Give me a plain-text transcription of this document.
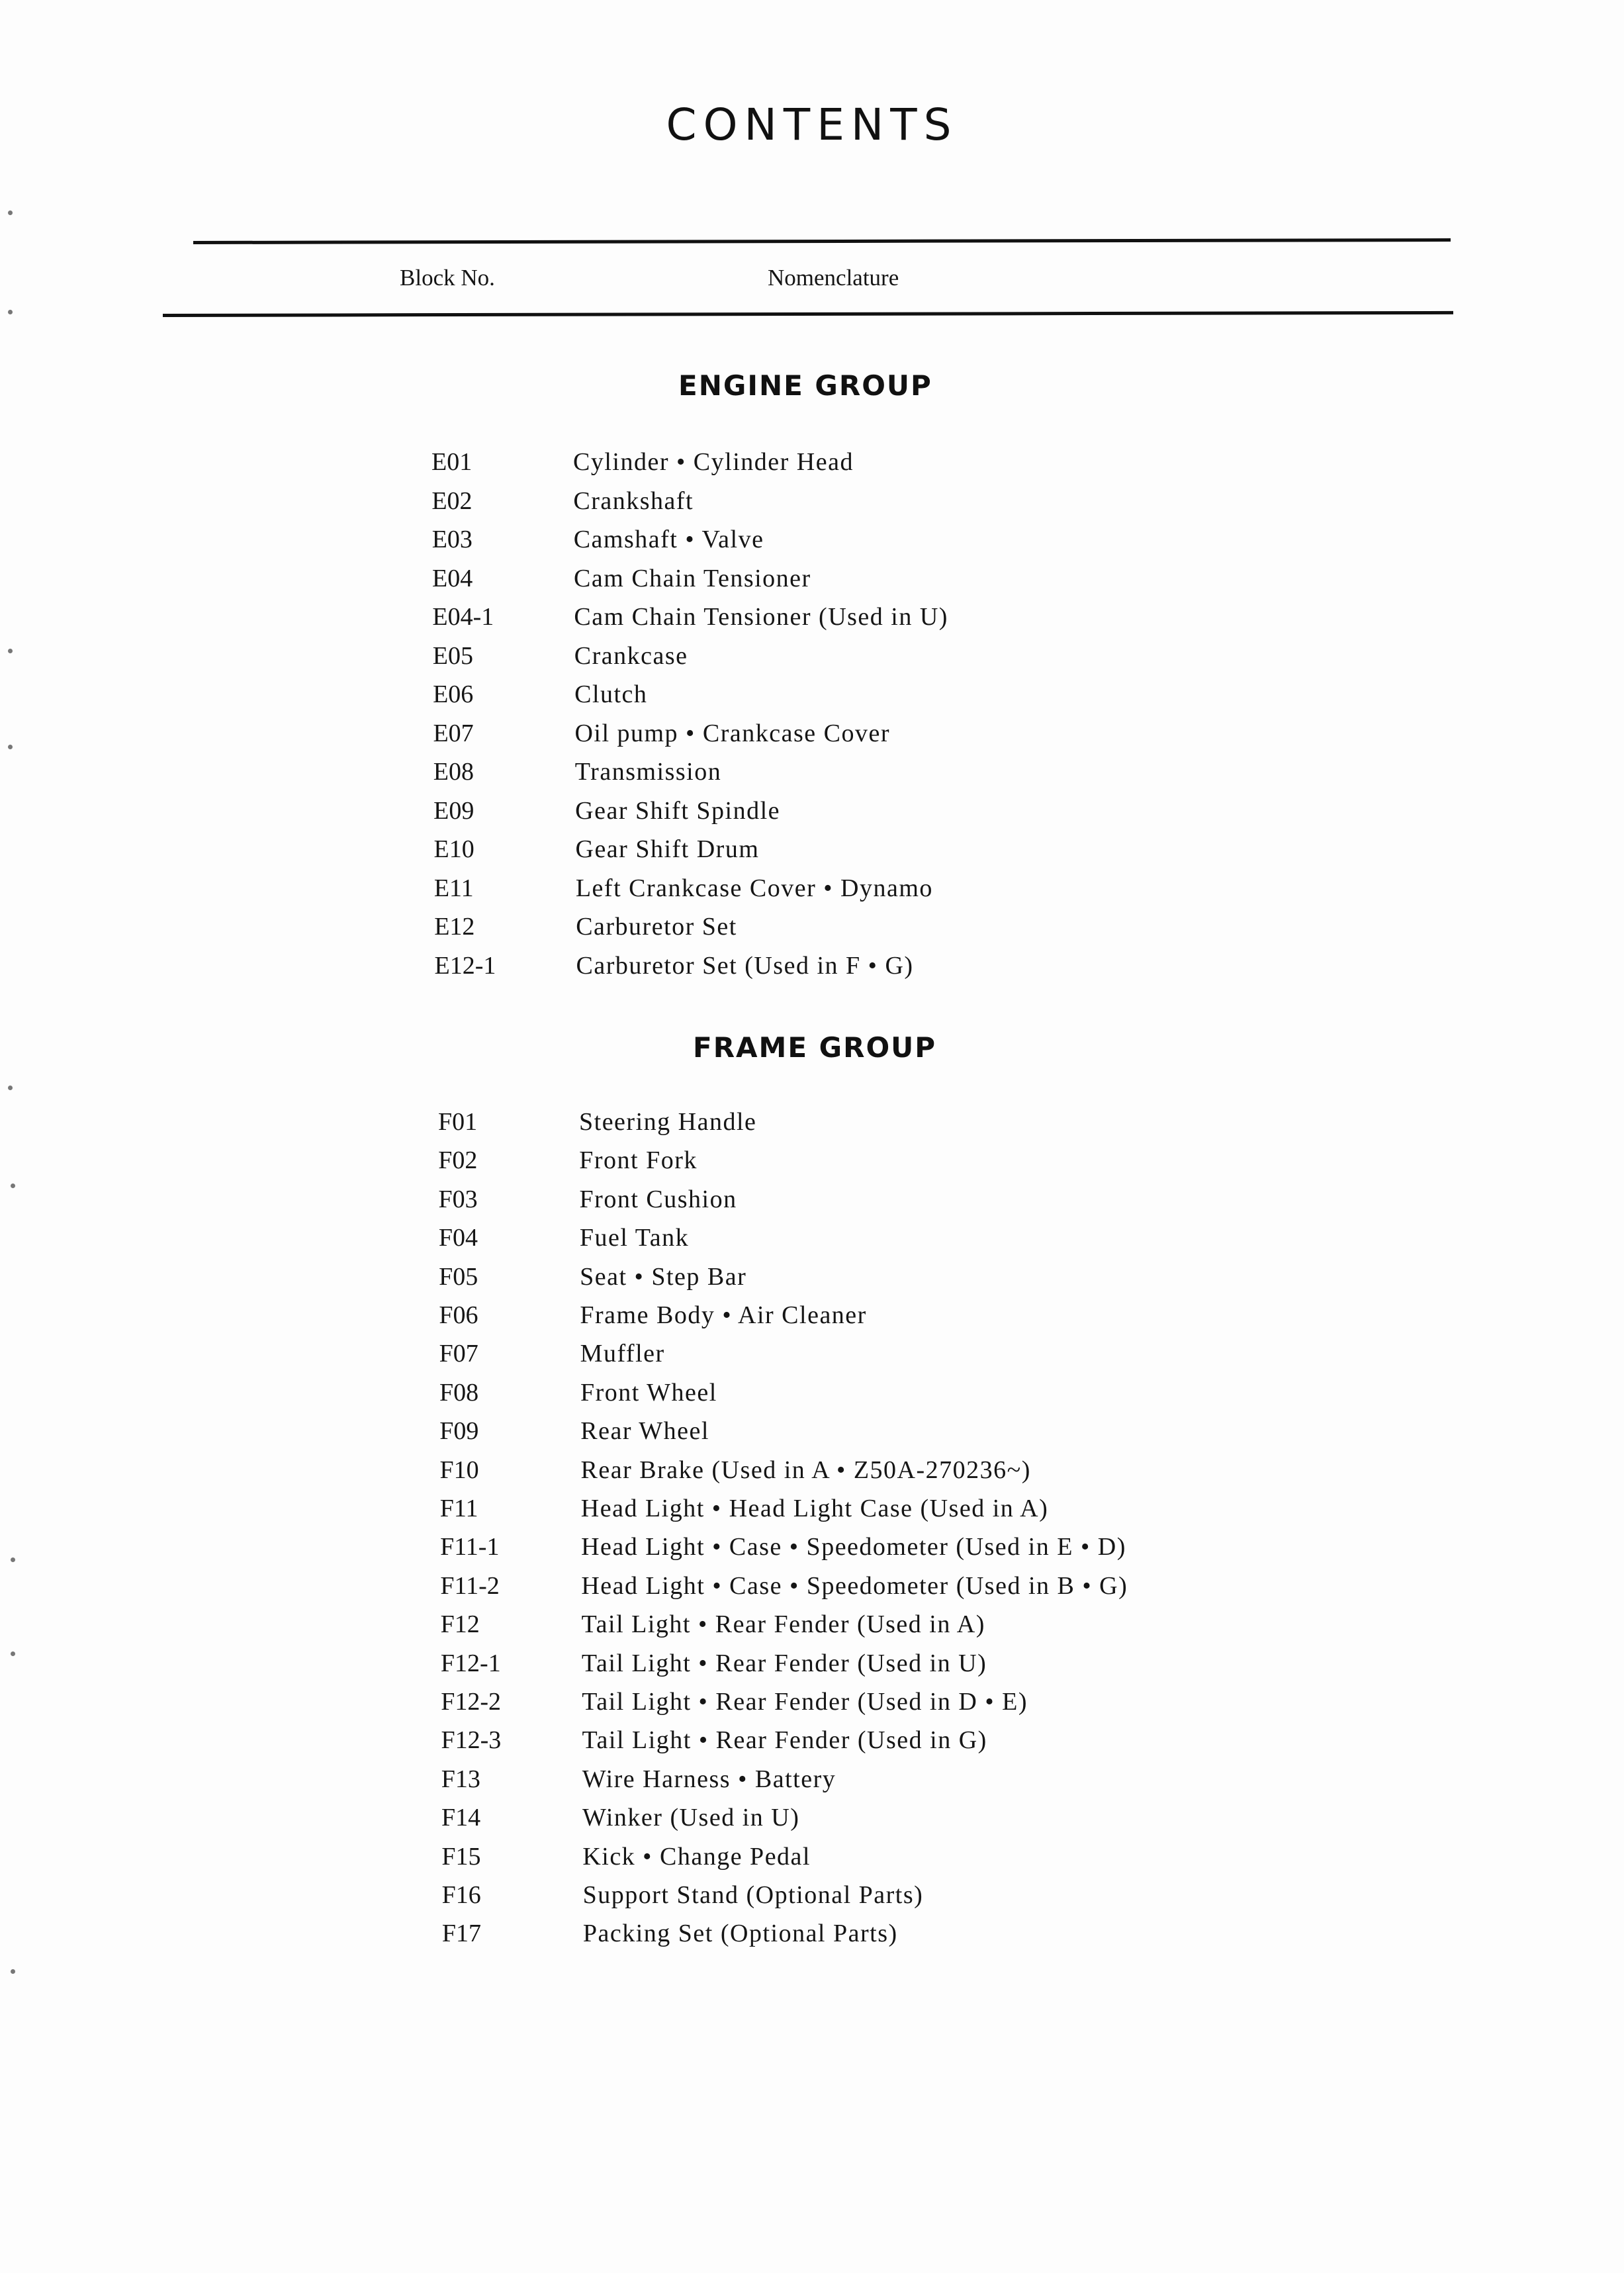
CONTENTS
Block No.	Nomenclature
ENGINE GROUP
E01	Cylinder • Cylinder Head
E02	Crankshaft
E03	Camshaft • Valve
E04	Cam Chain Tensioner
E04-1	Cam Chain Tensioner (Used in U)
E05	Crankcase
E06	Clutch
E07	Oil pump • Crankcase Cover
E08	Transmission
E09	Gear Shift Spindle
E10	Gear Shift Drum
E11	Left Crankcase Cover • Dynamo
E12	Carburetor Set
E12-1	Carburetor Set (Used in F • G)
FRAME GROUP
F01	Steering Handle
F02	Front Fork
F03	Front Cushion
F04	Fuel Tank
F05	Seat • Step Bar
F06	Frame Body • Air Cleaner
F07	Muffler
F08	Front Wheel
F09	Rear Wheel
F10	Rear Brake (Used in A • Z50A-270236~)
F11	Head Light • Head Light Case (Used in A)
F11-1	Head Light • Case • Speedometer (Used in E • D)
F11-2	Head Light • Case • Speedometer (Used in B • G)
F12	Tail Light • Rear Fender (Used in A)
F12-1	Tail Light • Rear Fender (Used in U)
F12-2	Tail Light • Rear Fender (Used in D • E)
F12-3	Tail Light • Rear Fender (Used in G)
F13	Wire Harness • Battery
F14	Winker (Used in U)
F15	Kick • Change Pedal
F16	Support Stand (Optional Parts)
F17	Packing Set (Optional Parts)
